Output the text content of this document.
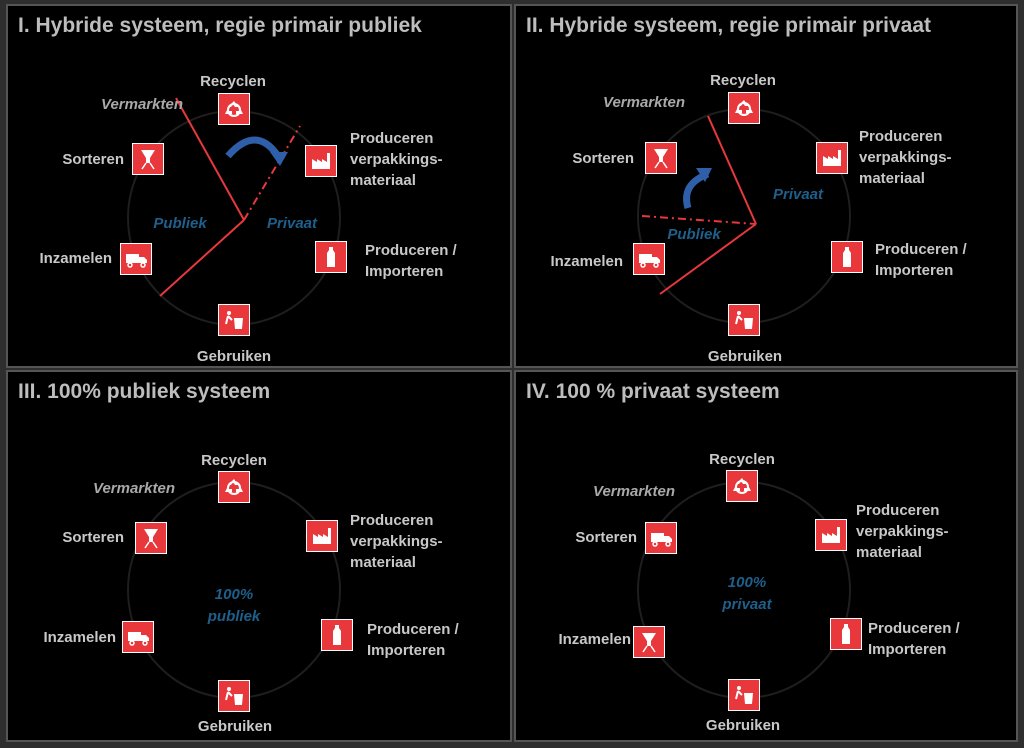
I. Hybride systeem, regie primair publiek
Recyclen
Produceren
verpakkings-
materiaal
Produceren /
Importeren
Gebruiken
Inzamelen
Sorteren
Vermarkten
Publiek	Privaat
II. Hybride systeem, regie primair privaat
Recyclen
Produceren
verpakkings-
materiaal
Produceren /
Importeren
Gebruiken
Inzamelen
Sorteren
Vermarkten
Privaat
Publiek
III. 100% publiek systeem
Recyclen
Produceren
verpakkings-
materiaal
Produceren /
Importeren
Gebruiken
Inzamelen
Sorteren
Vermarkten
100%
publiek
IV. 100 % privaat systeem
Recyclen
Produceren
verpakkings-
materiaal
Produceren /
Importeren
Gebruiken
Inzamelen
Sorteren
Vermarkten
100%
privaat
